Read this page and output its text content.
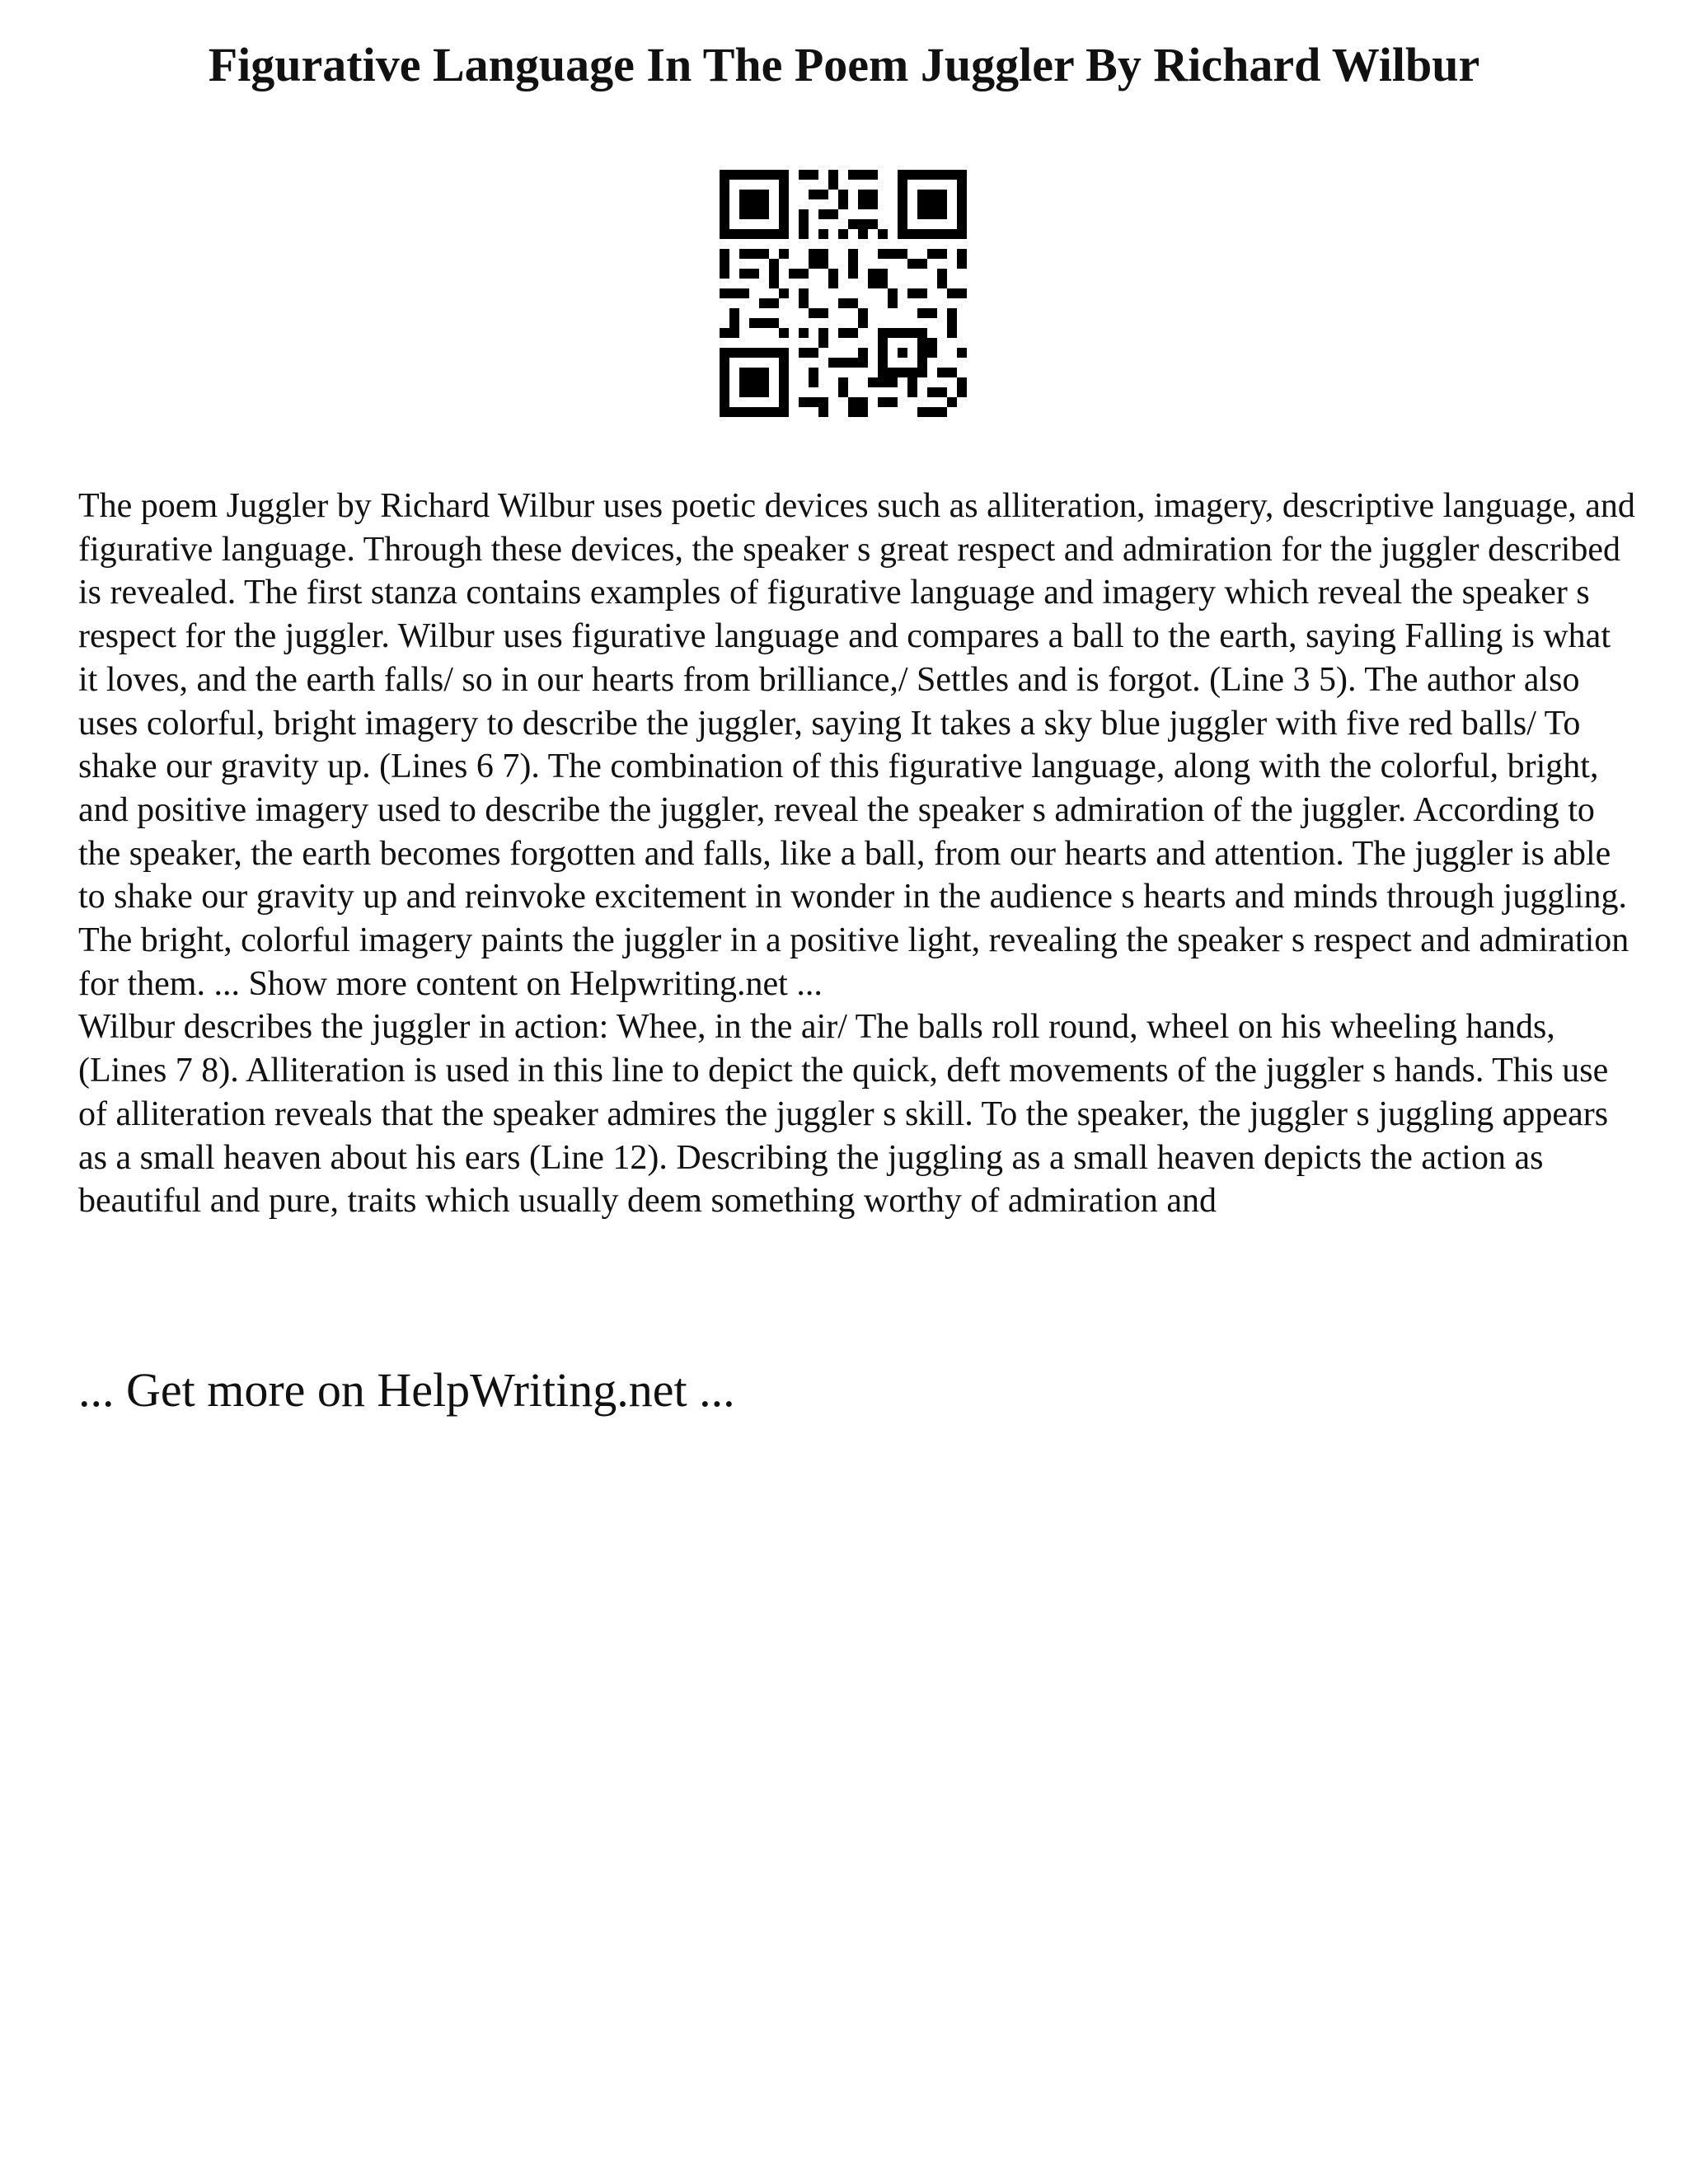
Figurative Language In The Poem Juggler By Richard Wilbur

The poem Juggler by Richard Wilbur uses poetic devices such as alliteration, imagery, descriptive language, and figurative language. Through these devices, the speaker s great respect and admiration for the juggler described is revealed. The first stanza contains examples of figurative language and imagery which reveal the speaker s respect for the juggler. Wilbur uses figurative language and compares a ball to the earth, saying Falling is what it loves, and the earth falls/ so in our hearts from brilliance,/ Settles and is forgot. (Line 3 5). The author also uses colorful, bright imagery to describe the juggler, saying It takes a sky blue juggler with five red balls/ To shake our gravity up. (Lines 6 7). The combination of this figurative language, along with the colorful, bright, and positive imagery used to describe the juggler, reveal the speaker s admiration of the juggler. According to the speaker, the earth becomes forgotten and falls, like a ball, from our hearts and attention. The juggler is able to shake our gravity up and reinvoke excitement in wonder in the audience s hearts and minds through juggling. The bright, colorful imagery paints the juggler in a positive light, revealing the speaker s respect and admiration for them. ... Show more content on Helpwriting.net ...

Wilbur describes the juggler in action: Whee, in the air/ The balls roll round, wheel on his wheeling hands, (Lines 7 8). Alliteration is used in this line to depict the quick, deft movements of the juggler s hands. This use of alliteration reveals that the speaker admires the juggler s skill. To the speaker, the juggler s juggling appears as a small heaven about his ears (Line 12). Describing the juggling as a small heaven depicts the action as beautiful and pure, traits which usually deem something worthy of admiration and

... Get more on HelpWriting.net ...
